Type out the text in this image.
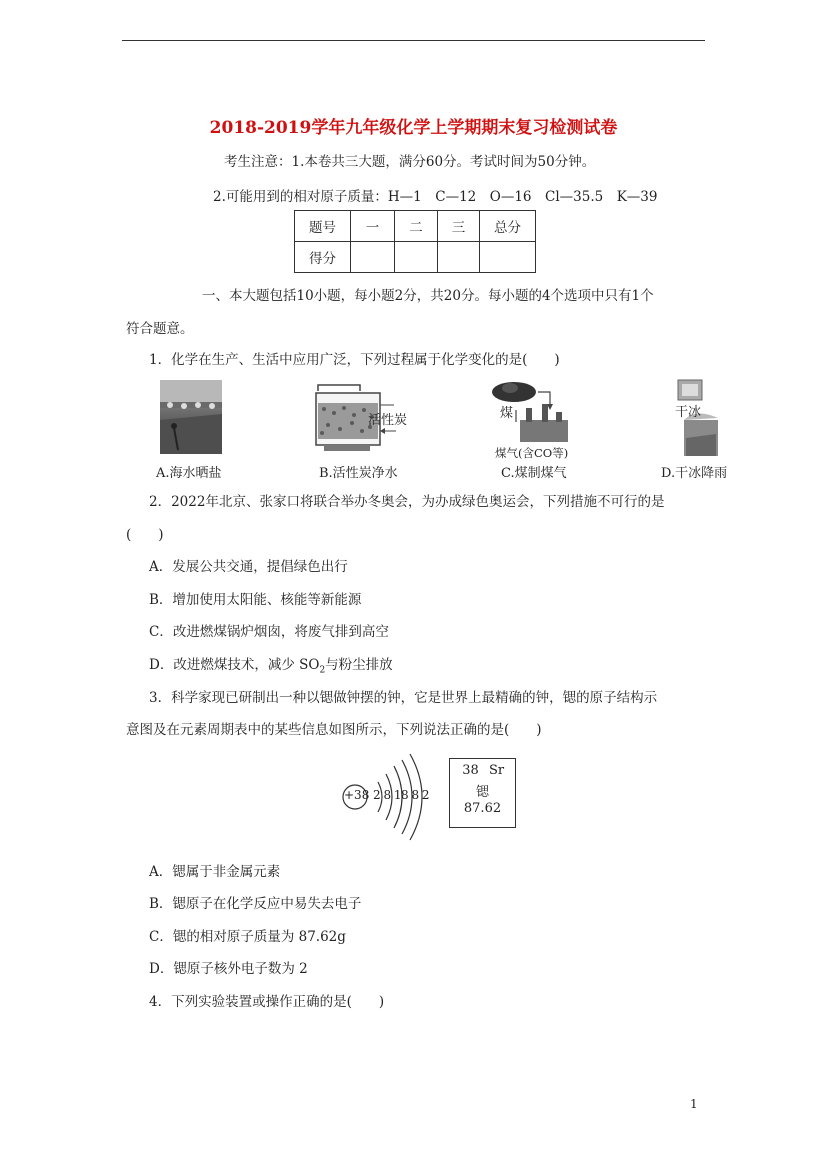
2018-2019学年九年级化学上学期期末复习检测试卷
考生注意：1.本卷共三大题，满分60分。考试时间为50分钟。
2.可能用到的相对原子质量：H—1　C—12　O—16　Cl—35.5　K—39
题号	一	二	三	总分
得分				
一、本大题包括10小题，每小题2分，共20分。每小题的4个选项中只有1个
符合题意。
1．化学在生产、生活中应用广泛，下列过程属于化学变化的是(　　)
活性炭	煤
煤气(含CO等)
干冰
A.海水晒盐	B.活性炭净水	C.煤制煤气	D.干冰降雨
2．2022年北京、张家口将联合举办冬奥会，为办成绿色奥运会，下列措施不可行的是
(　　)
A．发展公共交通，提倡绿色出行
B．增加使用太阳能、核能等新能源
C．改进燃煤锅炉烟囱，将废气排到高空
D．改进燃煤技术，减少 $SO_2$与粉尘排放
3．科学家现已研制出一种以锶做钟摆的钟，它是世界上最精确的钟，锶的原子结构示
意图及在元素周期表中的某些信息如图所示，下列说法正确的是(　　)
+38 2 8 18 8 2
38 Sr
锶
87.62
A．锶属于非金属元素
B．锶原子在化学反应中易失去电子
C．锶的相对原子质量为 87.62g
D．锶原子核外电子数为 2
4．下列实验装置或操作正确的是(　　)
1
